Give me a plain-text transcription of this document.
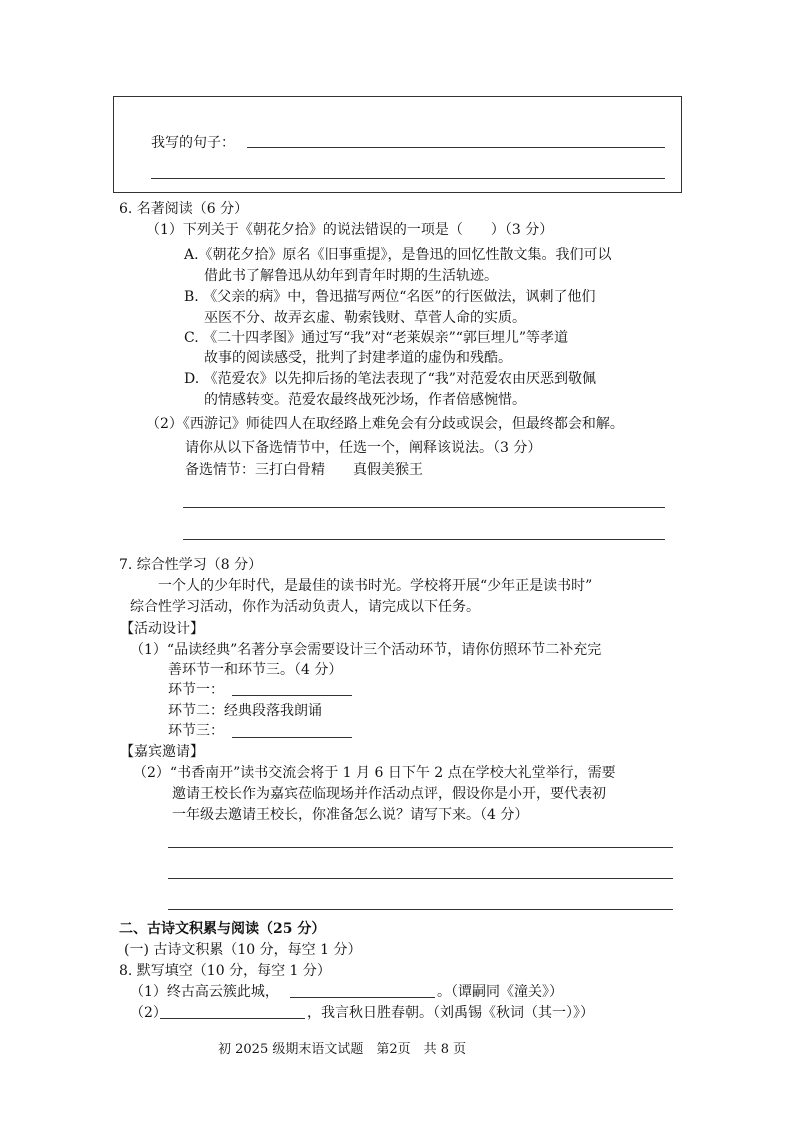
我写的句子：
6. 名著阅读（6 分）
（1）下列关于《朝花夕拾》的说法错误的一项是（　　）（3 分）
A.《朝花夕拾》原名《旧事重提》，是鲁迅的回忆性散文集。我们可以
借此书了解鲁迅从幼年到青年时期的生活轨迹。
B. 《父亲的病》中，鲁迅描写两位“名医”的行医做法，讽刺了他们
巫医不分、故弄玄虚、勒索钱财、草菅人命的实质。
C. 《二十四孝图》通过写“我”对“老莱娱亲”“郭巨埋儿”等孝道
故事的阅读感受，批判了封建孝道的虚伪和残酷。
D. 《范爱农》以先抑后扬的笔法表现了“我”对范爱农由厌恶到敬佩
的情感转变。范爱农最终战死沙场，作者倍感惋惜。
（2）《西游记》师徒四人在取经路上难免会有分歧或误会，但最终都会和解。
请你从以下备选情节中，任选一个，阐释该说法。（3 分）
备选情节：三打白骨精　　真假美猴王
7. 综合性学习（8 分）
一个人的少年时代，是最佳的读书时光。学校将开展“少年正是读书时”
综合性学习活动，你作为活动负责人，请完成以下任务。
【活动设计】
（1）“品读经典”名著分享会需要设计三个活动环节，请你仿照环节二补充完
善环节一和环节三。（4 分）
环节一：
环节二：经典段落我朗诵
环节三：
【嘉宾邀请】
（2）“书香南开”读书交流会将于 1 月 6 日下午 2 点在学校大礼堂举行，需要
邀请王校长作为嘉宾莅临现场并作活动点评，假设你是小开，要代表初
一年级去邀请王校长，你准备怎么说？请写下来。（4 分）
二、古诗文积累与阅读（25 分）
(一) 古诗文积累（10 分，每空 1 分）
8. 默写填空（10 分，每空 1 分）
（1）终古高云簇此城，	。（谭嗣同《潼关》）
（2）	，我言秋日胜春朝。（刘禹锡《秋词（其一）》）
初 2025 级期末语文试题　第2页　共 8 页
